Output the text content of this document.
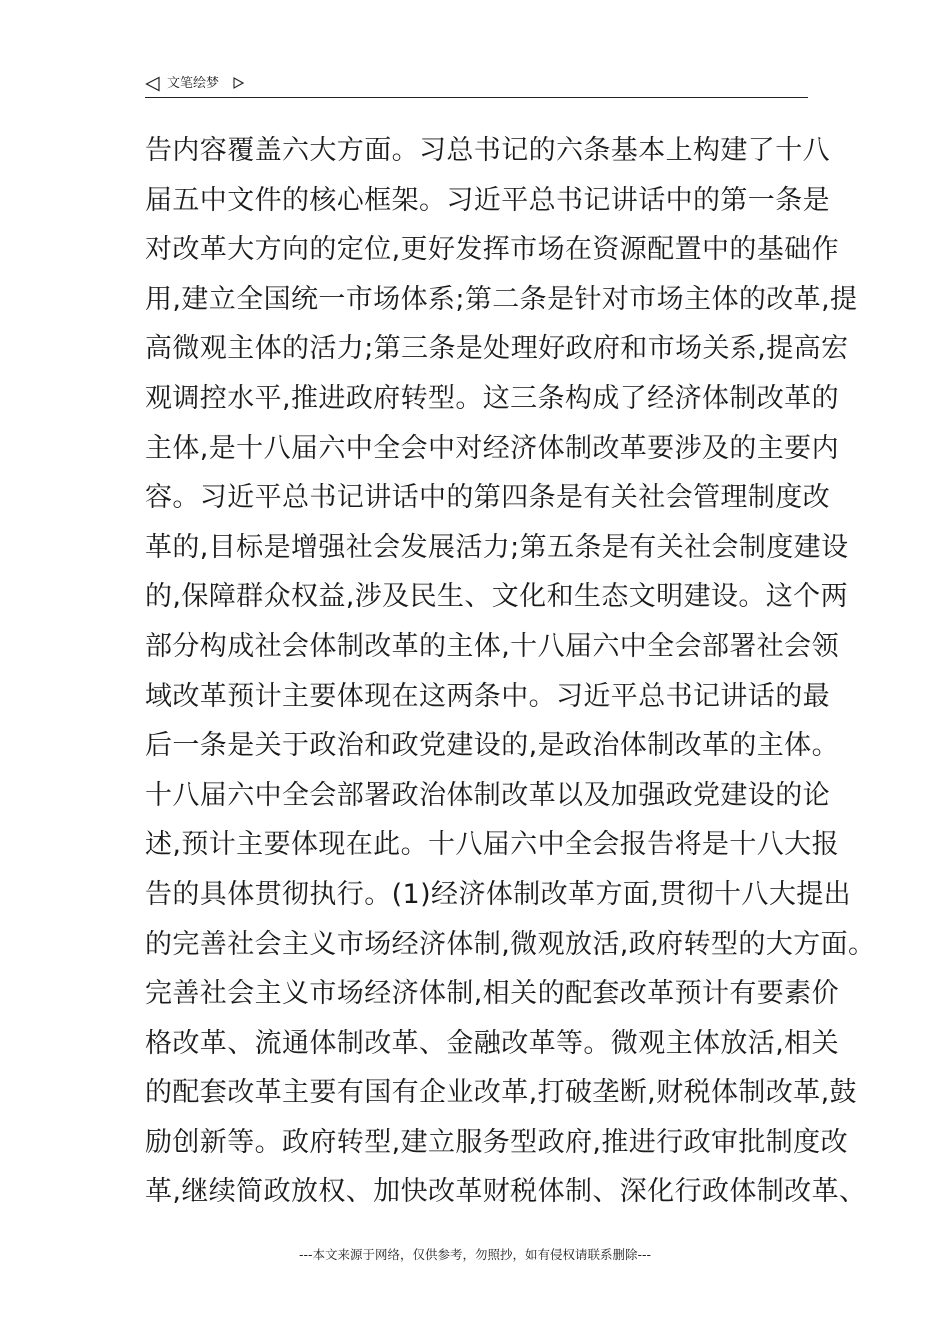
文笔绘梦
告内容覆盖六大方面。习总书记的六条基本上构建了十八
届五中文件的核心框架。习近平总书记讲话中的第一条是
对改革大方向的定位,更好发挥市场在资源配置中的基础作
用,建立全国统一市场体系;第二条是针对市场主体的改革,提
高微观主体的活力;第三条是处理好政府和市场关系,提高宏
观调控水平,推进政府转型。这三条构成了经济体制改革的
主体,是十八届六中全会中对经济体制改革要涉及的主要内
容。习近平总书记讲话中的第四条是有关社会管理制度改
革的,目标是增强社会发展活力;第五条是有关社会制度建设
的,保障群众权益,涉及民生、文化和生态文明建设。这个两
部分构成社会体制改革的主体,十八届六中全会部署社会领
域改革预计主要体现在这两条中。习近平总书记讲话的最
后一条是关于政治和政党建设的,是政治体制改革的主体。
十八届六中全会部署政治体制改革以及加强政党建设的论
述,预计主要体现在此。十八届六中全会报告将是十八大报
告的具体贯彻执行。(1)经济体制改革方面,贯彻十八大提出
的完善社会主义市场经济体制,微观放活,政府转型的大方面。
完善社会主义市场经济体制,相关的配套改革预计有要素价
格改革、流通体制改革、金融改革等。微观主体放活,相关
的配套改革主要有国有企业改革,打破垄断,财税体制改革,鼓
励创新等。政府转型,建立服务型政府,推进行政审批制度改
革,继续简政放权、加快改革财税体制、深化行政体制改革、
---本文来源于网络，仅供参考，勿照抄，如有侵权请联系删除---
